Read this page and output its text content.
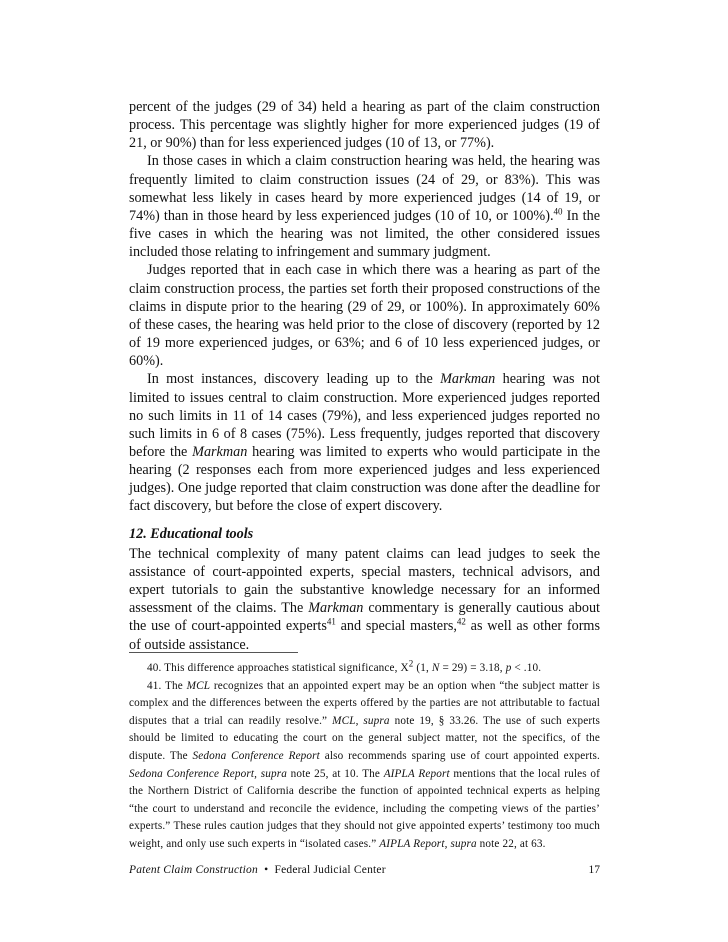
percent of the judges (29 of 34) held a hearing as part of the claim construction process. This percentage was slightly higher for more experienced judges (19 of 21, or 90%) than for less experienced judges (10 of 13, or 77%).

In those cases in which a claim construction hearing was held, the hearing was frequently limited to claim construction issues (24 of 29, or 83%). This was somewhat less likely in cases heard by more experienced judges (14 of 19, or 74%) than in those heard by less experienced judges (10 of 10, or 100%).$^{40}$ In the five cases in which the hearing was not limited, the other considered issues included those relating to infringement and summary judgment.

Judges reported that in each case in which there was a hearing as part of the claim construction process, the parties set forth their proposed constructions of the claims in dispute prior to the hearing (29 of 29, or 100%). In approximately 60% of these cases, the hearing was held prior to the close of discovery (reported by 12 of 19 more experienced judges, or 63%; and 6 of 10 less experienced judges, or 60%).

In most instances, discovery leading up to the Markman hearing was not limited to issues central to claim construction. More experienced judges reported no such limits in 11 of 14 cases (79%), and less experienced judges reported no such limits in 6 of 8 cases (75%). Less frequently, judges reported that discovery before the Markman hearing was limited to experts who would participate in the hearing (2 responses each from more experienced judges and less experienced judges). One judge reported that claim construction was done after the deadline for fact discovery, but before the close of expert discovery.

12. Educational tools

The technical complexity of many patent claims can lead judges to seek the assistance of court-appointed experts, special masters, technical advisors, and expert tutorials to gain the substantive knowledge necessary for an informed assessment of the claims. The Markman commentary is generally cautious about the use of court-appointed experts$^{41}$ and special masters,$^{42}$ as well as other forms of outside assistance.

40. This difference approaches statistical significance, $X^2$ (1, N = 29) = 3.18, p < .10.

41. The MCL recognizes that an appointed expert may be an option when “the subject matter is complex and the differences between the experts offered by the parties are not attributable to factual disputes that a trial can readily resolve.” MCL, supra note 19, § 33.26. The use of such experts should be limited to educating the court on the general subject matter, not the specifics, of the dispute. The Sedona Conference Report also recommends sparing use of court appointed experts. Sedona Conference Report, supra note 25, at 10. The AIPLA Report mentions that the local rules of the Northern District of California describe the function of appointed technical experts as helping “the court to understand and reconcile the evidence, including the competing views of the parties’ experts.” These rules caution judges that they should not give appointed experts’ testimony too much weight, and only use such experts in “isolated cases.” AIPLA Report, supra note 22, at 63.

Patent Claim Construction • Federal Judicial Center	17
